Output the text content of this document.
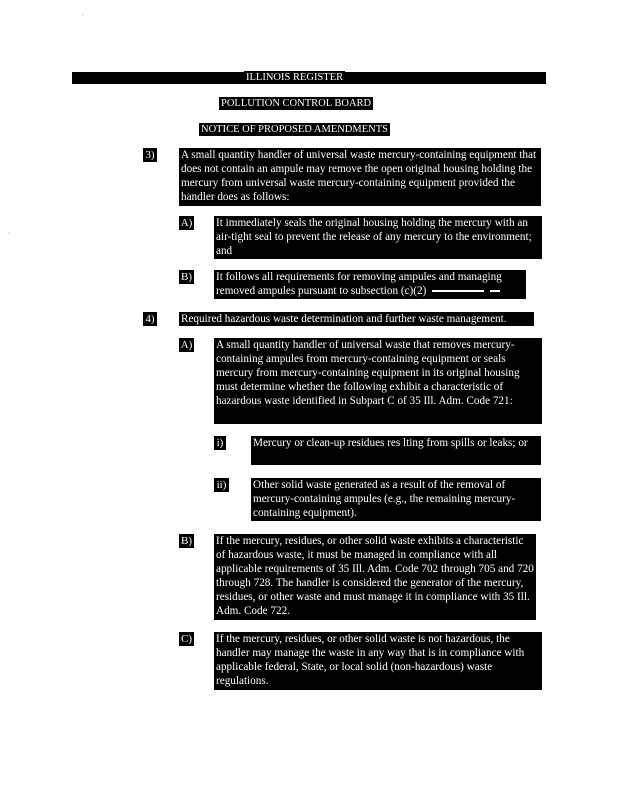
ILLINOIS REGISTER
POLLUTION CONTROL BOARD
NOTICE OF PROPOSED AMENDMENTS
3) A small quantity handler of universal waste mercury-containing equipment that does not contain an ampule may remove the open original housing holding the mercury from universal waste mercury-containing equipment provided the handler does as follows:
A) It immediately seals the original housing holding the mercury with an air-tight seal to prevent the release of any mercury to the environment; and
B) It follows all requirements for removing ampules and managing removed ampules pursuant to subsection (c)(2)
4) Required hazardous waste determination and further waste management.
A) A small quantity handler of universal waste that removes mercury-containing ampules from mercury-containing equipment or seals mercury from mercury-containing equipment in its original housing must determine whether the following exhibit a characteristic of hazardous waste identified in Subpart C of 35 Ill. Adm. Code 721:
i)	Mercury or clean-up residues res lting from spills or leaks; or
ii) Other solid waste generated as a result of the removal of mercury-containing ampules (e.g., the remaining mercury-containing equipment).
B) If the mercury, residues, or other solid waste exhibits a characteristic of hazardous waste, it must be managed in compliance with all applicable requirements of 35 Ill. Adm. Code 702 through 705 and 720 through 728. The handler is considered the generator of the mercury, residues, or other waste and must manage it in compliance with 35 Ill. Adm. Code 722.
C) If the mercury, residues, or other solid waste is not hazardous, the handler may manage the waste in any way that is in compliance with applicable federal, State, or local solid (non-hazardous) waste regulations.
